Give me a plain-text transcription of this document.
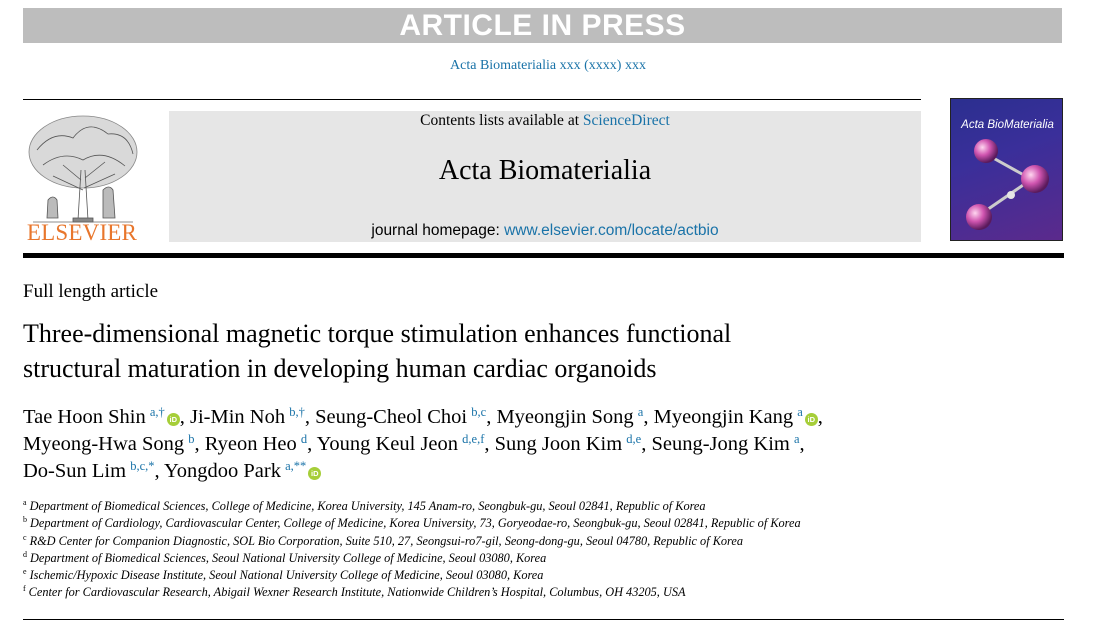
ARTICLE IN PRESS
Acta Biomaterialia xxx (xxxx) xxx
ELSEVIER
Contents lists available at ScienceDirect
Acta Biomaterialia
journal homepage: www.elsevier.com/locate/actbio
Acta BioMaterialia
Full length article
Three-dimensional magnetic torque stimulation enhances functional
structural maturation in developing human cardiac organoids
Tae Hoon Shin  $^{a,\dagger}$iD , Ji-Min Noh  $^{b,\dagger}$, Seung-Cheol Choi  $^{b,c}$, Myeongjin Song  $^a$, Myeongjin Kang  $^a$iD ,
Myeong-Hwa Song  $^b$, Ryeon Heo  $^d$, Young Keul Jeon  $^{d,e,f}$, Sung Joon Kim  $^{d,e}$, Seung-Jong Kim  $^a$,
Do-Sun Lim  $^{b,c,*}$, Yongdoo Park  $^{a,**}$iD
$^a$ Department of Biomedical Sciences, College of Medicine, Korea University, 145 Anam-ro, Seongbuk-gu, Seoul 02841, Republic of Korea
$^b$ Department of Cardiology, Cardiovascular Center, College of Medicine, Korea University, 73, Goryeodae-ro, Seongbuk-gu, Seoul 02841, Republic of Korea
$^c$ R&D Center for Companion Diagnostic, SOL Bio Corporation, Suite 510, 27, Seongsui-ro7-gil, Seong-dong-gu, Seoul 04780, Republic of Korea
$^d$ Department of Biomedical Sciences, Seoul National University College of Medicine, Seoul 03080, Korea
$^e$ Ischemic/Hypoxic Disease Institute, Seoul National University College of Medicine, Seoul 03080, Korea
$^f$ Center for Cardiovascular Research, Abigail Wexner Research Institute, Nationwide Children’s Hospital, Columbus, OH 43205, USA
